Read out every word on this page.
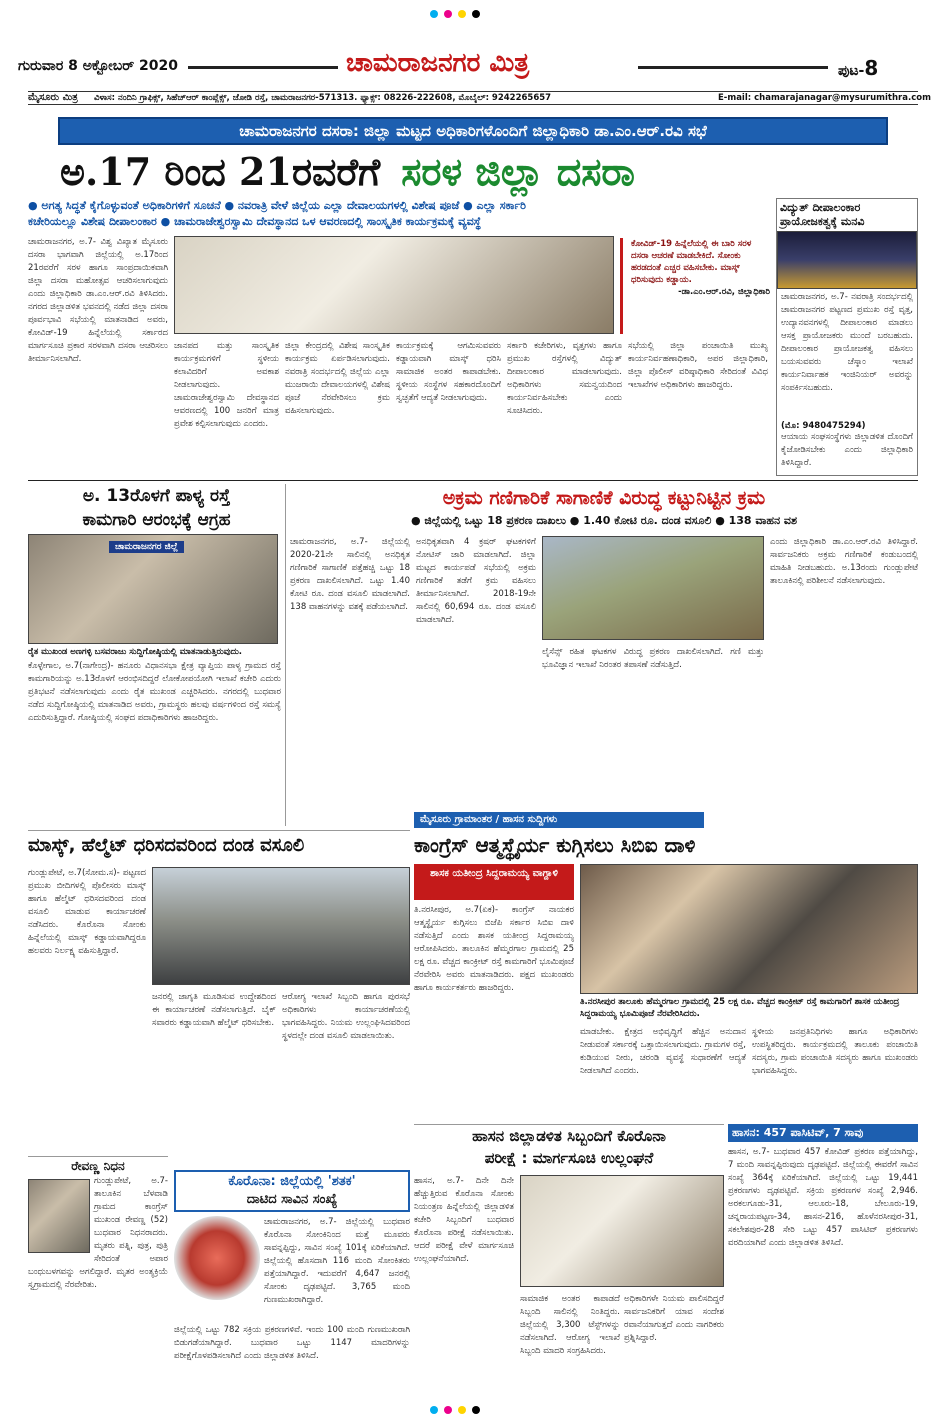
ಗುರುವಾರ 8 ಅಕ್ಟೋಬರ್ 2020	ಚಾಮರಾಜನಗರ ಮಿತ್ರ	ಪುಟ-8
ಮೈಸೂರು ಮಿತ್ರ ವಿಳಾಸ: ನಂದಿನಿ ಗ್ರಾಫಿಕ್ಸ್, ಸಿಹೆಚ್‌ಆರ್ ಕಾಂಪ್ಲೆಕ್ಸ್, ಜೋಡಿ ರಸ್ತೆ, ಚಾಮರಾಜನಗರ-571313. ಫ್ಯಾಕ್ಸ್: 08226-222608, ಮೊಬೈಲ್: 9242265657	E-mail: chamarajanagar@mysurumithra.com
ಚಾಮರಾಜನಗರ ದಸರಾ: ಜಿಲ್ಲಾ ಮಟ್ಟದ ಅಧಿಕಾರಿಗಳೊಂದಿಗೆ ಜಿಲ್ಲಾಧಿಕಾರಿ ಡಾ.ಎಂ.ಆರ್.ರವಿ ಸಭೆ
ಅ.17 ರಿಂದ 21ರವರೆಗೆ ಸರಳ ಜಿಲ್ಲಾ ದಸರಾ
● ಅಗತ್ಯ ಸಿದ್ಧತೆ ಕೈಗೊಳ್ಳುವಂತೆ ಅಧಿಕಾರಿಗಳಿಗೆ ಸೂಚನೆ ● ನವರಾತ್ರಿ ವೇಳೆ ಜಿಲ್ಲೆಯ ಎಲ್ಲಾ ದೇವಾಲಯಗಳಲ್ಲಿ ವಿಶೇಷ ಪೂಜೆ ● ಎಲ್ಲಾ ಸರ್ಕಾರಿ
ಕಚೇರಿಯಲ್ಲೂ ವಿಶೇಷ ದೀಪಾಲಂಕಾರ ● ಚಾಮರಾಜೇಶ್ವರಸ್ವಾಮಿ ದೇವಸ್ಥಾನದ ಒಳ ಆವರಣದಲ್ಲಿ ಸಾಂಸ್ಕೃತಿಕ ಕಾರ್ಯಕ್ರಮಕ್ಕೆ ವ್ಯವಸ್ಥೆ
ಚಾಮರಾಜನಗರ, ಅ.7- ವಿಶ್ವ ವಿಖ್ಯಾತ ಮೈಸೂರು ದಸರಾ ಭಾಗವಾಗಿ ಜಿಲ್ಲೆಯಲ್ಲಿ ಅ.17ರಿಂದ 21ರವರೆಗೆ ಸರಳ ಹಾಗೂ ಸಾಂಪ್ರದಾಯಿಕವಾಗಿ ಜಿಲ್ಲಾ ದಸರಾ ಮಹೋತ್ಸವ ಆಚರಿಸಲಾಗುವುದು ಎಂದು ಜಿಲ್ಲಾಧಿಕಾರಿ ಡಾ.ಎಂ.ಆರ್.ರವಿ ತಿಳಿಸಿದರು. ನಗರದ ಜಿಲ್ಲಾಡಳಿತ ಭವನದಲ್ಲಿ ನಡೆದ ಜಿಲ್ಲಾ ದಸರಾ ಪೂರ್ವಭಾವಿ ಸಭೆಯಲ್ಲಿ ಮಾತನಾಡಿದ ಅವರು, ಕೋವಿಡ್-19 ಹಿನ್ನೆಲೆಯಲ್ಲಿ ಸರ್ಕಾರದ ಮಾರ್ಗಸೂಚಿ ಪ್ರಕಾರ ಸರಳವಾಗಿ ದಸರಾ ಆಚರಿಸಲು ತೀರ್ಮಾನಿಸಲಾಗಿದೆ.
ಕೋವಿಡ್-19 ಹಿನ್ನೆಲೆಯಲ್ಲಿ ಈ ಬಾರಿ ಸರಳ ದಸರಾ ಆಚರಣೆ ಮಾಡಬೇಕಿದೆ. ಸೋಂಕು ಹರಡದಂತೆ ಎಚ್ಚರ ವಹಿಸಬೇಕು. ಮಾಸ್ಕ್ ಧರಿಸುವುದು ಕಡ್ಡಾಯ.
-ಡಾ.ಎಂ.ಆರ್.ರವಿ, ಜಿಲ್ಲಾಧಿಕಾರಿ
ಜಾನಪದ ಮತ್ತು ಸಾಂಸ್ಕೃತಿಕ ಕಾರ್ಯಕ್ರಮಗಳಿಗೆ ಸ್ಥಳೀಯ ಕಲಾವಿದರಿಗೆ ಅವಕಾಶ ನೀಡಲಾಗುವುದು. ಚಾಮರಾಜೇಶ್ವರಸ್ವಾಮಿ ದೇವಸ್ಥಾನದ ಆವರಣದಲ್ಲಿ 100 ಜನರಿಗೆ ಮಾತ್ರ ಪ್ರವೇಶ ಕಲ್ಪಿಸಲಾಗುವುದು ಎಂದರು.
ಜಿಲ್ಲಾ ಕೇಂದ್ರದಲ್ಲಿ ವಿಶೇಷ ಸಾಂಸ್ಕೃತಿಕ ಕಾರ್ಯಕ್ರಮ ಏರ್ಪಡಿಸಲಾಗುವುದು. ನವರಾತ್ರಿ ಸಂದರ್ಭದಲ್ಲಿ ಜಿಲ್ಲೆಯ ಎಲ್ಲಾ ಮುಜರಾಯಿ ದೇವಾಲಯಗಳಲ್ಲಿ ವಿಶೇಷ ಪೂಜೆ ನೆರವೇರಿಸಲು ಕ್ರಮ ವಹಿಸಲಾಗುವುದು.
ಕಾರ್ಯಕ್ರಮಕ್ಕೆ ಆಗಮಿಸುವವರು ಕಡ್ಡಾಯವಾಗಿ ಮಾಸ್ಕ್ ಧರಿಸಿ ಸಾಮಾಜಿಕ ಅಂತರ ಕಾಪಾಡಬೇಕು. ಸ್ಥಳೀಯ ಸಂಸ್ಥೆಗಳ ಸಹಕಾರದೊಂದಿಗೆ ಸ್ವಚ್ಛತೆಗೆ ಆದ್ಯತೆ ನೀಡಲಾಗುವುದು.
ಸರ್ಕಾರಿ ಕಚೇರಿಗಳು, ವೃತ್ತಗಳು ಹಾಗೂ ಪ್ರಮುಖ ರಸ್ತೆಗಳಲ್ಲಿ ವಿದ್ಯುತ್ ದೀಪಾಲಂಕಾರ ಮಾಡಲಾಗುವುದು. ಅಧಿಕಾರಿಗಳು ಸಮನ್ವಯದಿಂದ ಕಾರ್ಯನಿರ್ವಹಿಸಬೇಕು ಎಂದು ಸೂಚಿಸಿದರು.
ಸಭೆಯಲ್ಲಿ ಜಿಲ್ಲಾ ಪಂಚಾಯಿತಿ ಮುಖ್ಯ ಕಾರ್ಯನಿರ್ವಹಣಾಧಿಕಾರಿ, ಅಪರ ಜಿಲ್ಲಾಧಿಕಾರಿ, ಜಿಲ್ಲಾ ಪೊಲೀಸ್ ವರಿಷ್ಠಾಧಿಕಾರಿ ಸೇರಿದಂತೆ ವಿವಿಧ ಇಲಾಖೆಗಳ ಅಧಿಕಾರಿಗಳು ಹಾಜರಿದ್ದರು.
ವಿದ್ಯುತ್ ದೀಪಾಲಂಕಾರ ಪ್ರಾಯೋಜಕತ್ವಕ್ಕೆ ಮನವಿ
ಚಾಮರಾಜನಗರ, ಅ.7- ನವರಾತ್ರಿ ಸಂದರ್ಭದಲ್ಲಿ ಚಾಮರಾಜನಗರ ಪಟ್ಟಣದ ಪ್ರಮುಖ ರಸ್ತೆ ವೃತ್ತ, ಉದ್ಯಾನವನಗಳಲ್ಲಿ ದೀಪಾಲಂಕಾರ ಮಾಡಲು ಆಸಕ್ತ ಪ್ರಾಯೋಜಕರು ಮುಂದೆ ಬರಬಹುದು. ದೀಪಾಲಂಕಾರ ಪ್ರಾಯೋಜಕತ್ವ ವಹಿಸಲು ಬಯಸುವವರು ಚೆಸ್ಕಾಂ ಇಲಾಖೆ ಕಾರ್ಯನಿರ್ವಾಹಕ ಇಂಜಿನಿಯರ್ ಅವರನ್ನು ಸಂಪರ್ಕಿಸಬಹುದು.
(ಮೊ: 9480475294)
ಆಯಾಯ ಸಂಘಸಂಸ್ಥೆಗಳು ಜಿಲ್ಲಾಡಳಿತ ದೊಂದಿಗೆ ಕೈಜೋಡಿಸಬೇಕು ಎಂದು ಜಿಲ್ಲಾಧಿಕಾರಿ ತಿಳಿಸಿದ್ದಾರೆ.
ಅ. 13ರೊಳಗೆ ಪಾಳ್ಯ ರಸ್ತೆ
ಕಾಮಗಾರಿ ಆರಂಭಕ್ಕೆ ಆಗ್ರಹ
ಚಾಮರಾಜನಗರ ಜಿಲ್ಲೆ
ರೈತ ಮುಖಂಡ ಅಣಗಳ್ಳಿ ಬಸವರಾಜು ಸುದ್ದಿಗೋಷ್ಠಿಯಲ್ಲಿ ಮಾತನಾಡುತ್ತಿರುವುದು.
ಕೊಳ್ಳೇಗಾಲ, ಅ.7(ನಾಗೇಂದ್ರ)- ಹನೂರು ವಿಧಾನಸಭಾ ಕ್ಷೇತ್ರ ವ್ಯಾಪ್ತಿಯ ಪಾಳ್ಯ ಗ್ರಾಮದ ರಸ್ತೆ ಕಾಮಗಾರಿಯನ್ನು ಅ.13ರೊಳಗೆ ಆರಂಭಿಸದಿದ್ದರೆ ಲೋಕೋಪಯೋಗಿ ಇಲಾಖೆ ಕಚೇರಿ ಎದುರು ಪ್ರತಿಭಟನೆ ನಡೆಸಲಾಗುವುದು ಎಂದು ರೈತ ಮುಖಂಡ ಎಚ್ಚರಿಸಿದರು. ನಗರದಲ್ಲಿ ಬುಧವಾರ ನಡೆದ ಸುದ್ದಿಗೋಷ್ಠಿಯಲ್ಲಿ ಮಾತನಾಡಿದ ಅವರು, ಗ್ರಾಮಸ್ಥರು ಹಲವು ವರ್ಷಗಳಿಂದ ರಸ್ತೆ ಸಮಸ್ಯೆ ಎದುರಿಸುತ್ತಿದ್ದಾರೆ. ಗೋಷ್ಠಿಯಲ್ಲಿ ಸಂಘದ ಪದಾಧಿಕಾರಿಗಳು ಹಾಜರಿದ್ದರು.
ಅಕ್ರಮ ಗಣಿಗಾರಿಕೆ ಸಾಗಾಣಿಕೆ ವಿರುದ್ಧ ಕಟ್ಟುನಿಟ್ಟಿನ ಕ್ರಮ
● ಜಿಲ್ಲೆಯಲ್ಲಿ ಒಟ್ಟು 18 ಪ್ರಕರಣ ದಾಖಲು ● 1.40 ಕೋಟಿ ರೂ. ದಂಡ ವಸೂಲಿ ● 138 ವಾಹನ ವಶ
ಚಾಮರಾಜನಗರ, ಅ.7- ಜಿಲ್ಲೆಯಲ್ಲಿ 2020-21ನೇ ಸಾಲಿನಲ್ಲಿ ಅನಧಿಕೃತ ಗಣಿಗಾರಿಕೆ ಸಾಗಾಣಿಕೆ ಪತ್ತೆಹಚ್ಚಿ ಒಟ್ಟು 18 ಪ್ರಕರಣ ದಾಖಲಿಸಲಾಗಿದೆ. ಒಟ್ಟು 1.40 ಕೋಟಿ ರೂ. ದಂಡ ವಸೂಲಿ ಮಾಡಲಾಗಿದೆ. 138 ವಾಹನಗಳನ್ನು ವಶಕ್ಕೆ ಪಡೆಯಲಾಗಿದೆ.
ಅನಧಿಕೃತವಾಗಿ 4 ಕ್ರಷರ್ ಘಟಕಗಳಿಗೆ ನೋಟಿಸ್ ಜಾರಿ ಮಾಡಲಾಗಿದೆ. ಜಿಲ್ಲಾ ಮಟ್ಟದ ಕಾರ್ಯಪಡೆ ಸಭೆಯಲ್ಲಿ ಅಕ್ರಮ ಗಣಿಗಾರಿಕೆ ತಡೆಗೆ ಕ್ರಮ ವಹಿಸಲು ತೀರ್ಮಾನಿಸಲಾಗಿದೆ. 2018-19ನೇ ಸಾಲಿನಲ್ಲಿ 60,694 ರೂ. ದಂಡ ವಸೂಲಿ ಮಾಡಲಾಗಿದೆ.
ಲೈಸೆನ್ಸ್ ರಹಿತ ಘಟಕಗಳ ವಿರುದ್ಧ ಪ್ರಕರಣ ದಾಖಲಿಸಲಾಗಿದೆ. ಗಣಿ ಮತ್ತು ಭೂವಿಜ್ಞಾನ ಇಲಾಖೆ ನಿರಂತರ ತಪಾಸಣೆ ನಡೆಸುತ್ತಿದೆ.
ಎಂದು ಜಿಲ್ಲಾಧಿಕಾರಿ ಡಾ.ಎಂ.ಆರ್.ರವಿ ತಿಳಿಸಿದ್ದಾರೆ. ಸಾರ್ವಜನಿಕರು ಅಕ್ರಮ ಗಣಿಗಾರಿಕೆ ಕಂಡುಬಂದಲ್ಲಿ ಮಾಹಿತಿ ನೀಡಬಹುದು. ಅ.13ರಂದು ಗುಂಡ್ಲುಪೇಟೆ ತಾಲೂಕಿನಲ್ಲಿ ಪರಿಶೀಲನೆ ನಡೆಸಲಾಗುವುದು.
ಮೈಸೂರು ಗ್ರಾಮಾಂತರ / ಹಾಸನ ಸುದ್ದಿಗಳು
ಕಾಂಗ್ರೆಸ್ ಆತ್ಮಸ್ಥೈರ್ಯ ಕುಗ್ಗಿಸಲು ಸಿಬಿಐ ದಾಳಿ
ಶಾಸಕ ಯತೀಂದ್ರ ಸಿದ್ದರಾಮಯ್ಯ ವಾಗ್ದಾಳಿ
ತಿ.ನರಸೀಪುರ, ಅ.7(ಏಕ)- ಕಾಂಗ್ರೆಸ್ ನಾಯಕರ ಆತ್ಮಸ್ಥೈರ್ಯ ಕುಗ್ಗಿಸಲು ಬಿಜೆಪಿ ಸರ್ಕಾರ ಸಿಬಿಐ ದಾಳಿ ನಡೆಸುತ್ತಿದೆ ಎಂದು ಶಾಸಕ ಯತೀಂದ್ರ ಸಿದ್ದರಾಮಯ್ಯ ಆರೋಪಿಸಿದರು. ತಾಲೂಕಿನ ಹೆಮ್ಮರಗಾಲ ಗ್ರಾಮದಲ್ಲಿ 25 ಲಕ್ಷ ರೂ. ವೆಚ್ಚದ ಕಾಂಕ್ರೀಟ್ ರಸ್ತೆ ಕಾಮಗಾರಿಗೆ ಭೂಮಿಪೂಜೆ ನೆರವೇರಿಸಿ ಅವರು ಮಾತನಾಡಿದರು. ಪಕ್ಷದ ಮುಖಂಡರು ಹಾಗೂ ಕಾರ್ಯಕರ್ತರು ಹಾಜರಿದ್ದರು.
ತಿ.ನರಸೀಪುರ ತಾಲೂಕು ಹೆಮ್ಮರಗಾಲ ಗ್ರಾಮದಲ್ಲಿ 25 ಲಕ್ಷ ರೂ. ವೆಚ್ಚದ ಕಾಂಕ್ರೀಟ್ ರಸ್ತೆ ಕಾಮಗಾರಿಗೆ ಶಾಸಕ ಯತೀಂದ್ರ ಸಿದ್ದರಾಮಯ್ಯ ಭೂಮಿಪೂಜೆ ನೆರವೇರಿಸಿದರು.
ಮಾಡಬೇಕು. ಕ್ಷೇತ್ರದ ಅಭಿವೃದ್ಧಿಗೆ ಹೆಚ್ಚಿನ ಅನುದಾನ ನೀಡುವಂತೆ ಸರ್ಕಾರಕ್ಕೆ ಒತ್ತಾಯಿಸಲಾಗುವುದು. ಗ್ರಾಮಗಳ ರಸ್ತೆ, ಕುಡಿಯುವ ನೀರು, ಚರಂಡಿ ವ್ಯವಸ್ಥೆ ಸುಧಾರಣೆಗೆ ಆದ್ಯತೆ ನೀಡಲಾಗಿದೆ ಎಂದರು.
ಸ್ಥಳೀಯ ಜನಪ್ರತಿನಿಧಿಗಳು ಹಾಗೂ ಅಧಿಕಾರಿಗಳು ಉಪಸ್ಥಿತರಿದ್ದರು. ಕಾರ್ಯಕ್ರಮದಲ್ಲಿ ತಾಲೂಕು ಪಂಚಾಯಿತಿ ಸದಸ್ಯರು, ಗ್ರಾಮ ಪಂಚಾಯಿತಿ ಸದಸ್ಯರು ಹಾಗೂ ಮುಖಂಡರು ಭಾಗವಹಿಸಿದ್ದರು.
ಮಾಸ್ಕ್, ಹೆಲ್ಮೆಟ್ ಧರಿಸದವರಿಂದ ದಂಡ ವಸೂಲಿ
ಗುಂಡ್ಲುಪೇಟೆ, ಅ.7(ಸೋಮ.ಸ)- ಪಟ್ಟಣದ ಪ್ರಮುಖ ಬೀದಿಗಳಲ್ಲಿ ಪೊಲೀಸರು ಮಾಸ್ಕ್ ಹಾಗೂ ಹೆಲ್ಮೆಟ್ ಧರಿಸದವರಿಂದ ದಂಡ ವಸೂಲಿ ಮಾಡುವ ಕಾರ್ಯಾಚರಣೆ ನಡೆಸಿದರು. ಕೊರೊನಾ ಸೋಂಕು ಹಿನ್ನೆಲೆಯಲ್ಲಿ ಮಾಸ್ಕ್ ಕಡ್ಡಾಯವಾಗಿದ್ದರೂ ಹಲವರು ನಿರ್ಲಕ್ಷ್ಯ ವಹಿಸುತ್ತಿದ್ದಾರೆ.
ಜನರಲ್ಲಿ ಜಾಗೃತಿ ಮೂಡಿಸುವ ಉದ್ದೇಶದಿಂದ ಈ ಕಾರ್ಯಾಚರಣೆ ನಡೆಸಲಾಗುತ್ತಿದೆ. ಬೈಕ್ ಸವಾರರು ಕಡ್ಡಾಯವಾಗಿ ಹೆಲ್ಮೆಟ್ ಧರಿಸಬೇಕು.
ಆರೋಗ್ಯ ಇಲಾಖೆ ಸಿಬ್ಬಂದಿ ಹಾಗೂ ಪುರಸಭೆ ಅಧಿಕಾರಿಗಳು ಕಾರ್ಯಾಚರಣೆಯಲ್ಲಿ ಭಾಗವಹಿಸಿದ್ದರು. ನಿಯಮ ಉಲ್ಲಂಘಿಸಿದವರಿಂದ ಸ್ಥಳದಲ್ಲೇ ದಂಡ ವಸೂಲಿ ಮಾಡಲಾಯಿತು.
ರೇವಣ್ಣ ನಿಧನ
ಗುಂಡ್ಲುಪೇಟೆ, ಅ.7- ತಾಲೂಕಿನ ಬೆಳವಾಡಿ ಗ್ರಾಮದ ಕಾಂಗ್ರೆಸ್ ಮುಖಂಡ ರೇವಣ್ಣ (52) ಬುಧವಾರ ನಿಧನರಾದರು. ಮೃತರು ಪತ್ನಿ, ಪುತ್ರ, ಪುತ್ರಿ ಸೇರಿದಂತೆ ಅಪಾರ ಬಂಧುಬಳಗವನ್ನು ಅಗಲಿದ್ದಾರೆ. ಮೃತರ ಅಂತ್ಯಕ್ರಿಯೆ ಸ್ವಗ್ರಾಮದಲ್ಲಿ ನೆರವೇರಿತು.
ಕೊರೊನಾ: ಜಿಲ್ಲೆಯಲ್ಲಿ 'ಶತಕ'
ದಾಟಿದ ಸಾವಿನ ಸಂಖ್ಯೆ
ಚಾಮರಾಜನಗರ, ಅ.7- ಜಿಲ್ಲೆಯಲ್ಲಿ ಬುಧವಾರ ಕೊರೊನಾ ಸೋಂಕಿನಿಂದ ಮತ್ತೆ ಮೂವರು ಸಾವನ್ನಪ್ಪಿದ್ದು, ಸಾವಿನ ಸಂಖ್ಯೆ 101ಕ್ಕೆ ಏರಿಕೆಯಾಗಿದೆ. ಜಿಲ್ಲೆಯಲ್ಲಿ ಹೊಸದಾಗಿ 116 ಮಂದಿ ಸೋಂಕಿತರು ಪತ್ತೆಯಾಗಿದ್ದಾರೆ. ಇದುವರೆಗೆ 4,647 ಜನರಲ್ಲಿ ಸೋಂಕು ದೃಢಪಟ್ಟಿದೆ. 3,765 ಮಂದಿ ಗುಣಮುಖರಾಗಿದ್ದಾರೆ.
ಜಿಲ್ಲೆಯಲ್ಲಿ ಒಟ್ಟು 782 ಸಕ್ರಿಯ ಪ್ರಕರಣಗಳಿವೆ. ಇಂದು 100 ಮಂದಿ ಗುಣಮುಖರಾಗಿ ಬಿಡುಗಡೆಯಾಗಿದ್ದಾರೆ. ಬುಧವಾರ ಒಟ್ಟು 1147 ಮಾದರಿಗಳನ್ನು ಪರೀಕ್ಷೆಗೊಳಪಡಿಸಲಾಗಿದೆ ಎಂದು ಜಿಲ್ಲಾಡಳಿತ ತಿಳಿಸಿದೆ.
ಹಾಸನ ಜಿಲ್ಲಾಡಳಿತ ಸಿಬ್ಬಂದಿಗೆ ಕೊರೊನಾ
ಪರೀಕ್ಷೆ : ಮಾರ್ಗಸೂಚಿ ಉಲ್ಲಂಘನೆ
ಹಾಸನ, ಅ.7- ದಿನೇ ದಿನೇ ಹೆಚ್ಚುತ್ತಿರುವ ಕೊರೊನಾ ಸೋಂಕು ನಿಯಂತ್ರಣ ಹಿನ್ನೆಲೆಯಲ್ಲಿ ಜಿಲ್ಲಾಡಳಿತ ಕಚೇರಿ ಸಿಬ್ಬಂದಿಗೆ ಬುಧವಾರ ಕೊರೊನಾ ಪರೀಕ್ಷೆ ನಡೆಸಲಾಯಿತು. ಆದರೆ ಪರೀಕ್ಷೆ ವೇಳೆ ಮಾರ್ಗಸೂಚಿ ಉಲ್ಲಂಘನೆಯಾಗಿದೆ.
ಸಾಮಾಜಿಕ ಅಂತರ ಕಾಪಾಡದೆ ಸಿಬ್ಬಂದಿ ಸಾಲಿನಲ್ಲಿ ನಿಂತಿದ್ದರು. ಜಿಲ್ಲೆಯಲ್ಲಿ 3,300 ಟೆಸ್ಟ್‌ಗಳನ್ನು ನಡೆಸಲಾಗಿದೆ. ಆರೋಗ್ಯ ಇಲಾಖೆ ಸಿಬ್ಬಂದಿ ಮಾದರಿ ಸಂಗ್ರಹಿಸಿದರು.
ಅಧಿಕಾರಿಗಳೇ ನಿಯಮ ಪಾಲಿಸದಿದ್ದರೆ ಸಾರ್ವಜನಿಕರಿಗೆ ಯಾವ ಸಂದೇಶ ರವಾನೆಯಾಗುತ್ತದೆ ಎಂದು ನಾಗರಿಕರು ಪ್ರಶ್ನಿಸಿದ್ದಾರೆ.
ಹಾಸನ: 457 ಪಾಸಿಟಿವ್, 7 ಸಾವು
ಹಾಸನ, ಅ.7- ಬುಧವಾರ 457 ಕೋವಿಡ್ ಪ್ರಕರಣ ಪತ್ತೆಯಾಗಿದ್ದು, 7 ಮಂದಿ ಸಾವನ್ನಪ್ಪಿರುವುದು ದೃಢಪಟ್ಟಿದೆ. ಜಿಲ್ಲೆಯಲ್ಲಿ ಈವರೆಗೆ ಸಾವಿನ ಸಂಖ್ಯೆ 364ಕ್ಕೆ ಏರಿಕೆಯಾಗಿದೆ. ಜಿಲ್ಲೆಯಲ್ಲಿ ಒಟ್ಟು 19,441 ಪ್ರಕರಣಗಳು ದೃಢಪಟ್ಟಿವೆ. ಸಕ್ರಿಯ ಪ್ರಕರಣಗಳ ಸಂಖ್ಯೆ 2,946. ಅರಕಲಗೂಡು-31, ಆಲೂರು-18, ಬೇಲೂರು-19, ಚನ್ನರಾಯಪಟ್ಟಣ-34, ಹಾಸನ-216, ಹೊಳೆನರಸೀಪುರ-31, ಸಕಲೇಶಪುರ-28 ಸೇರಿ ಒಟ್ಟು 457 ಪಾಸಿಟಿವ್ ಪ್ರಕರಣಗಳು ವರದಿಯಾಗಿವೆ ಎಂದು ಜಿಲ್ಲಾಡಳಿತ ತಿಳಿಸಿದೆ.
